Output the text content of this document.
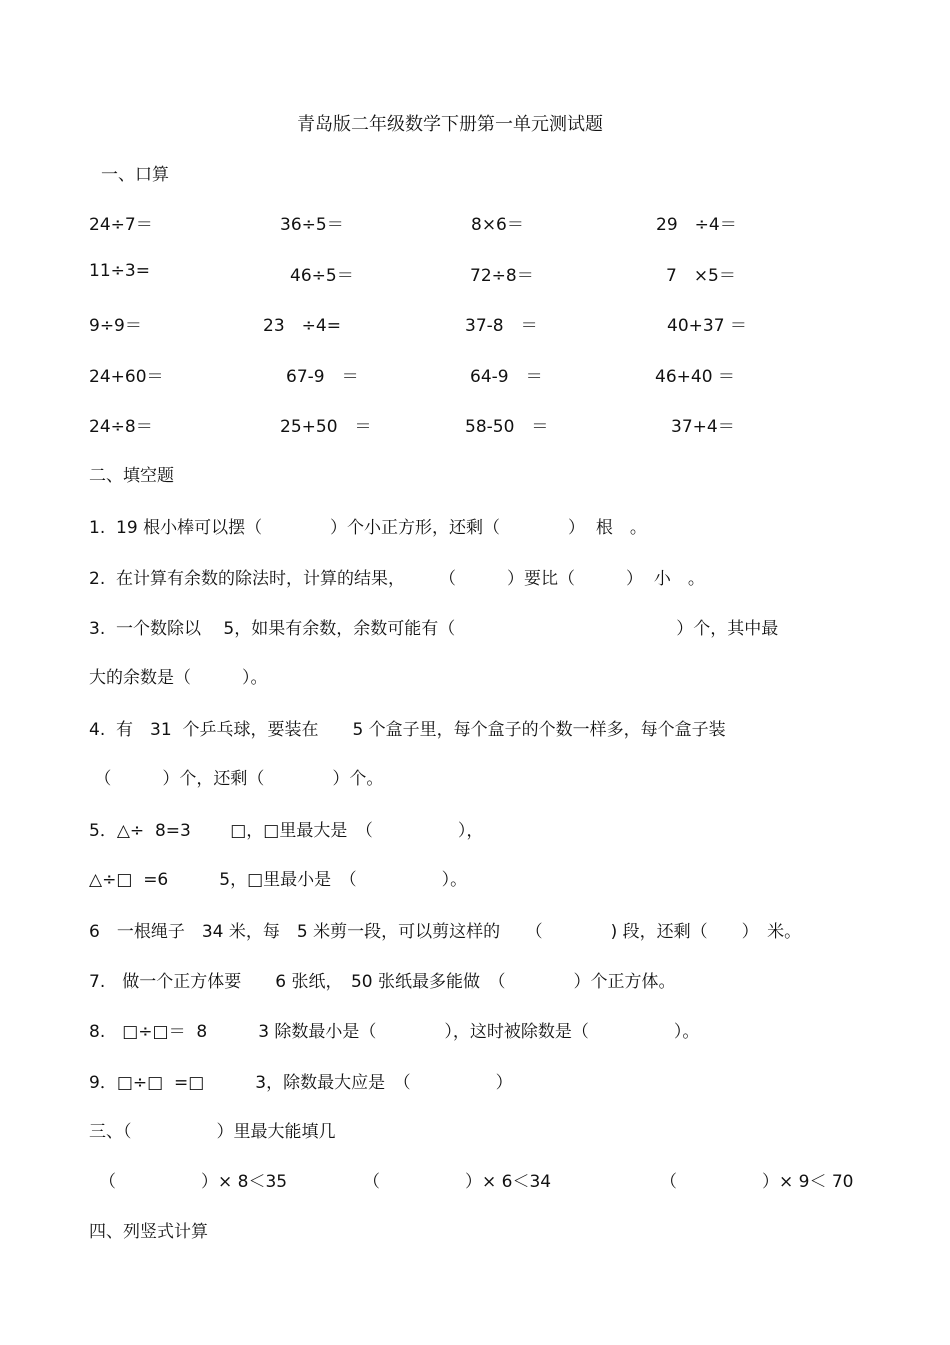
青岛版二年级数学下册第一单元测试题
一、口算
24÷7＝	36÷5＝	8×6＝	29　÷4＝
11÷3=	46÷5＝	72÷8＝	7　×5＝
9÷9＝	23　÷4=	37-8　＝	40+37 ＝
24+60＝	67-9　＝	64-9　＝	46+40 ＝
24÷8＝	25+50　＝	58-50　＝	37+4＝
二、填空题
1.  19 根小棒可以摆（　　　　）个小正方形，还剩（　　　　）  根　。
2.  在计算有余数的除法时，计算的结果，　　　（　　　）要比（　　　）  小　。
3.  一个数除以　 5，如果有余数，余数可能有（　　　　　　　　　　　　　）个，其中最
大的余数是（　　　）。
4.  有　31  个乒乓球，要装在　　5 个盒子里，每个盒子的个数一样多，每个盒子装
（　　　）个，还剩（　　　　）个。
5．△÷  8=3　　 □，□里最大是　（　　　　　），
△÷□  =6　　　5，□里最小是　（　　　　　）。
6　一根绳子　34 米，每　5 米剪一段，可以剪这样的　　（　　　　) 段，还剩（　　）　米。
7.　做一个正方体要　　6 张纸，　50 张纸最多能做　（　　　　）个正方体。
8.　□÷□＝  8　　　3 除数最小是（　　　　），这时被除数是（　　　　　）。
9．□÷□  =□　　　3，除数最大应是　（　　　　　）
三、（　　　　　）里最大能填几
（　　　　　）× 8＜35	（　　　　　）× 6＜34	（　　　　　）× 9＜ 70
四、列竖式计算
